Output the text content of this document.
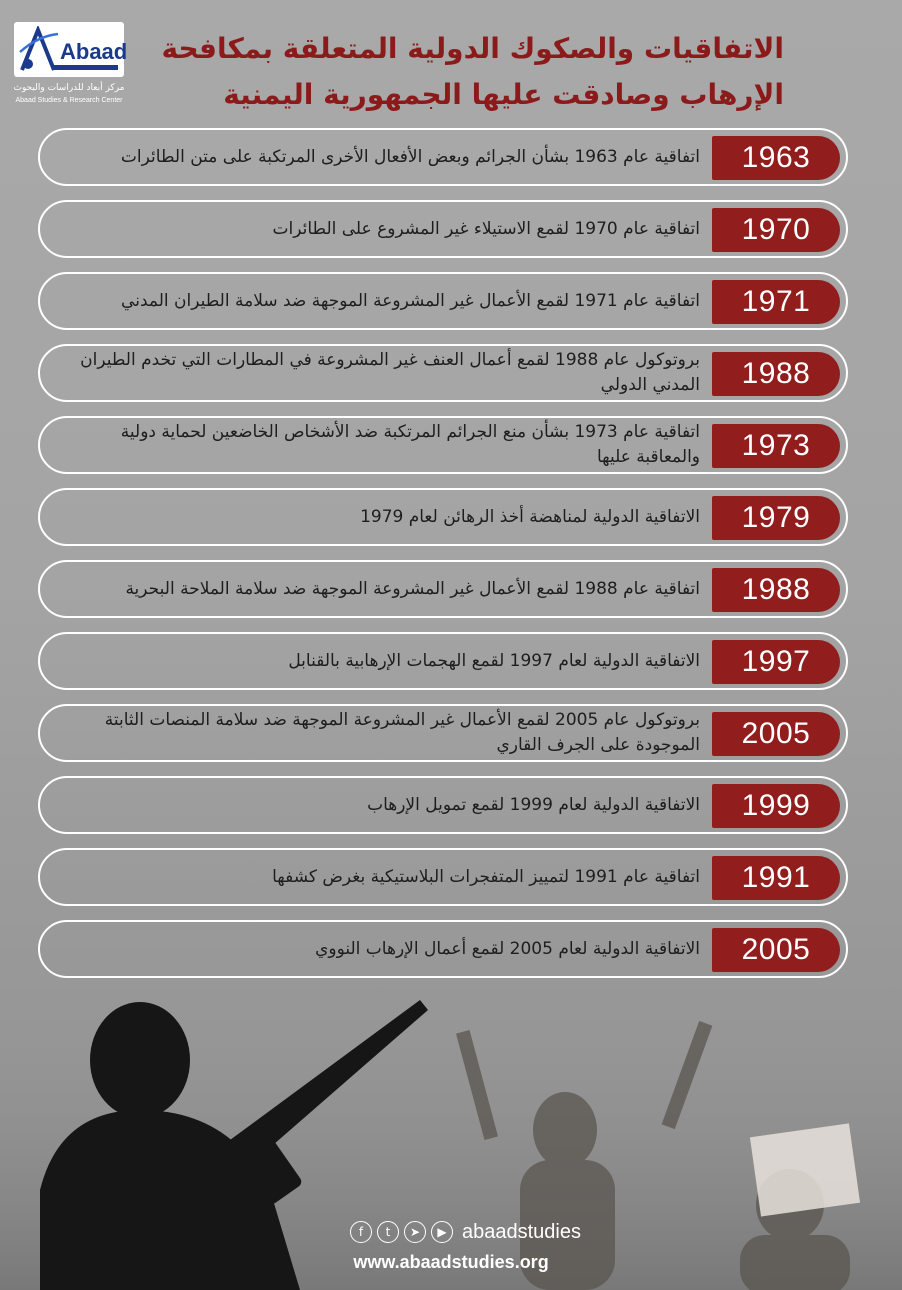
Abaad
مركز أبعاد للدراسات والبحوث
Abaad Studies & Research Center
الاتفاقيات والصكوك الدولية المتعلقة بمكافحة
الإرهاب وصادقت عليها الجمهورية اليمنية
1963
اتفاقية عام 1963 بشأن الجرائم وبعض الأفعال الأخرى المرتكبة على متن الطائرات
1970
اتفاقية عام 1970 لقمع الاستيلاء غير المشروع على الطائرات
1971
اتفاقية عام 1971 لقمع الأعمال غير المشروعة الموجهة ضد سلامة الطيران المدني
1988
بروتوكول عام 1988 لقمع أعمال العنف غير المشروعة في المطارات التي تخدم الطيران المدني الدولي
1973
اتفاقية عام 1973 بشأن منع الجرائم المرتكبة ضد الأشخاص الخاضعين لحماية دولية والمعاقبة عليها
1979
الاتفاقية الدولية لمناهضة أخذ الرهائن لعام 1979
1988
اتفاقية عام 1988 لقمع الأعمال غير المشروعة الموجهة ضد سلامة الملاحة البحرية
1997
الاتفاقية الدولية لعام 1997 لقمع الهجمات الإرهابية بالقنابل
2005
بروتوكول عام 2005 لقمع الأعمال غير المشروعة الموجهة ضد سلامة المنصات الثابتة الموجودة على الجرف القاري
1999
الاتفاقية الدولية لعام 1999 لقمع تمويل الإرهاب
1991
اتفاقية عام 1991 لتمييز المتفجرات البلاستيكية بغرض كشفها
2005
الاتفاقية الدولية لعام 2005 لقمع أعمال الإرهاب النووي
f	t	➤	▶ abaadstudies
www.abaadstudies.org
